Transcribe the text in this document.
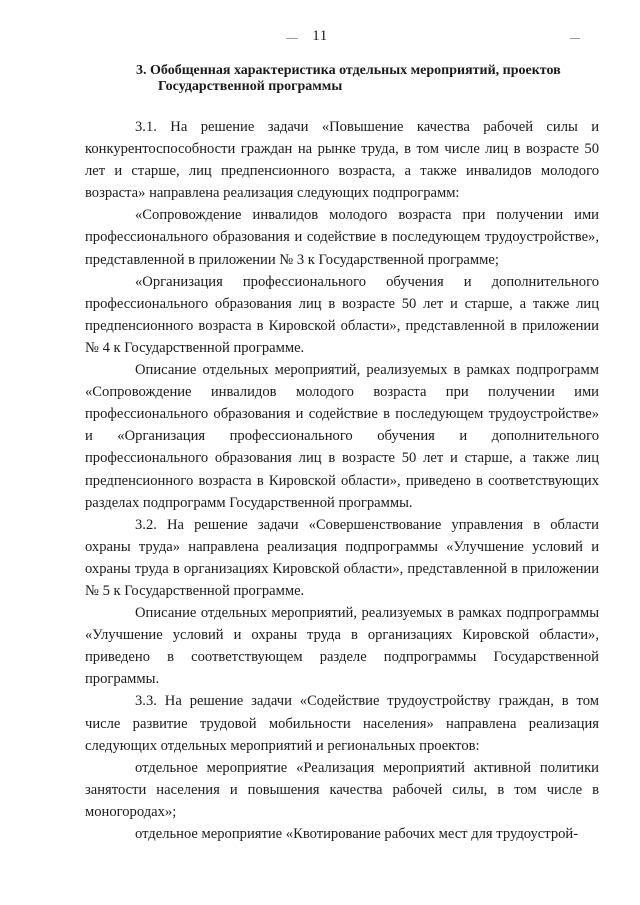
11
3. Обобщенная характеристика отдельных мероприятий, проектов Государственной программы

3.1. На решение задачи «Повышение качества рабочей силы и конкурентоспособности граждан на рынке труда, в том числе лиц в возрасте 50 лет и старше, лиц предпенсионного возраста, а также инвалидов молодого возраста» направлена реализация следующих подпрограмм:

«Сопровождение инвалидов молодого возраста при получении ими профессионального образования и содействие в последующем трудоустройстве», представленной в приложении № 3 к Государственной программе;

«Организация профессионального обучения и дополнительного профессионального образования лиц в возрасте 50 лет и старше, а также лиц предпенсионного возраста в Кировской области», представленной в приложении № 4 к Государственной программе.

Описание отдельных мероприятий, реализуемых в рамках подпрограмм «Сопровождение инвалидов молодого возраста при получении ими профессионального образования и содействие в последующем трудоустройстве» и «Организация профессионального обучения и дополнительного профессионального образования лиц в возрасте 50 лет и старше, а также лиц предпенсионного возраста в Кировской области», приведено в соответствующих разделах подпрограмм Государственной программы.

3.2. На решение задачи «Совершенствование управления в области охраны труда» направлена реализация подпрограммы «Улучшение условий и охраны труда в организациях Кировской области», представленной в приложении № 5 к Государственной программе.

Описание отдельных мероприятий, реализуемых в рамках подпрограммы «Улучшение условий и охраны труда в организациях Кировской области», приведено в соответствующем разделе подпрограммы Государственной программы.

3.3. На решение задачи «Содействие трудоустройству граждан, в том числе развитие трудовой мобильности населения» направлена реализация следующих отдельных мероприятий и региональных проектов:

отдельное мероприятие «Реализация мероприятий активной политики занятости населения и повышения качества рабочей силы, в том числе в моногородах»;

отдельное мероприятие «Квотирование рабочих мест для трудоустрой-
